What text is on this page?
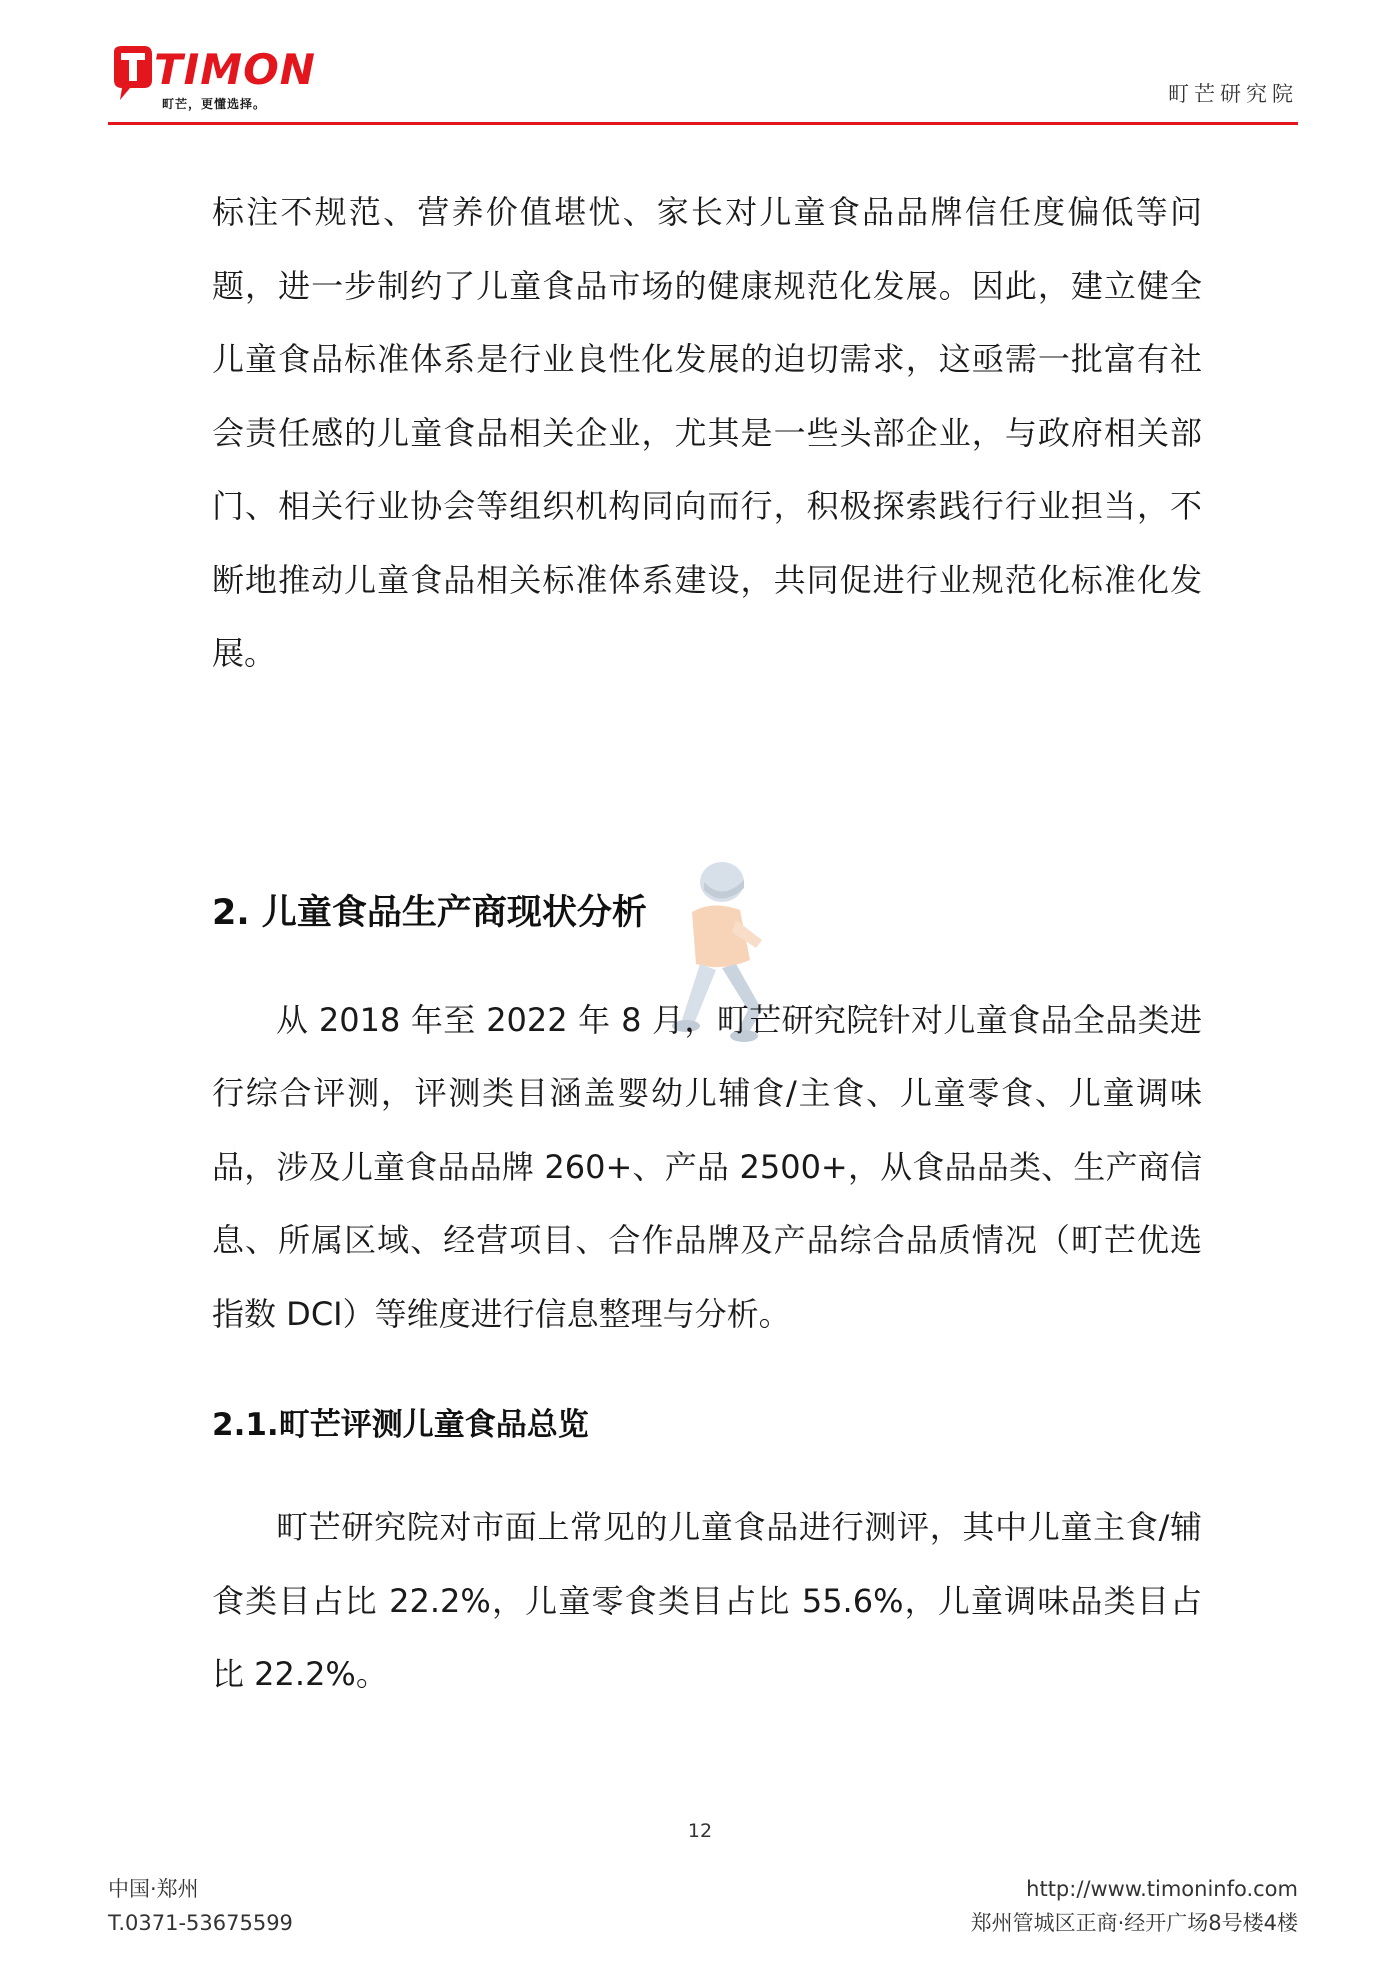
TIMON
町芒，更懂选择。	町芒研究院

标注不规范、营养价值堪忧、家长对儿童食品品牌信任度偏低等问题，进一步制约了儿童食品市场的健康规范化发展。因此，建立健全儿童食品标准体系是行业良性化发展的迫切需求，这亟需一批富有社会责任感的儿童食品相关企业，尤其是一些头部企业，与政府相关部门、相关行业协会等组织机构同向而行，积极探索践行行业担当，不断地推动儿童食品相关标准体系建设，共同促进行业规范化标准化发展。

2. 儿童食品生产商现状分析

从 2018 年至 2022 年 8 月，町芒研究院针对儿童食品全品类进行综合评测，评测类目涵盖婴幼儿辅食/主食、儿童零食、儿童调味品，涉及儿童食品品牌 260+、产品 2500+，从食品品类、生产商信息、所属区域、经营项目、合作品牌及产品综合品质情况（町芒优选指数 DCI）等维度进行信息整理与分析。

2.1.町芒评测儿童食品总览

町芒研究院对市面上常见的儿童食品进行测评，其中儿童主食/辅食类目占比 22.2%，儿童零食类目占比 55.6%，儿童调味品类目占比 22.2%。

12
中国·郑州
T.0371-53675599
http://www.timoninfo.com
郑州管城区正商·经开广场8号楼4楼
